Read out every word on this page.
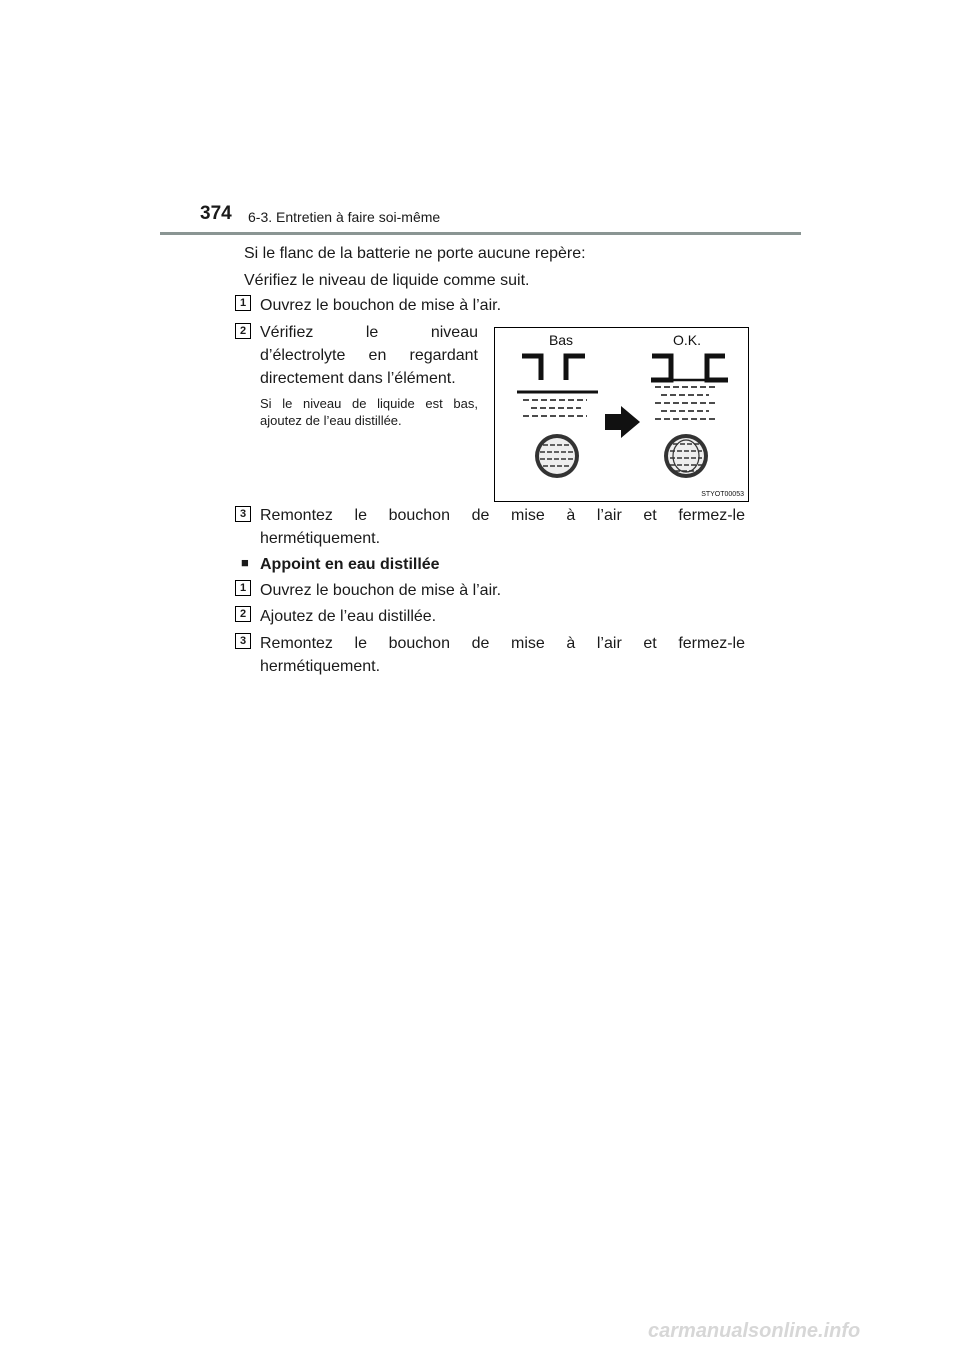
374 6-3. Entretien à faire soi-même
Si le flanc de la batterie ne porte aucune repère:
Vérifiez le niveau de liquide comme suit.
1 Ouvrez le bouchon de mise à l’air.
2 Vérifiez le niveau
d’électrolyte en regardant
directement dans l’élément.
Si le niveau de liquide est bas,
ajoutez de l’eau distillée.
Bas	O.K.
STYOT00053
3 Remontez le bouchon de mise à l’air et fermez-le
hermétiquement.
■ Appoint en eau distillée
1 Ouvrez le bouchon de mise à l’air.
2 Ajoutez de l’eau distillée.
3 Remontez le bouchon de mise à l’air et fermez-le
hermétiquement.
carmanualsonline.info
